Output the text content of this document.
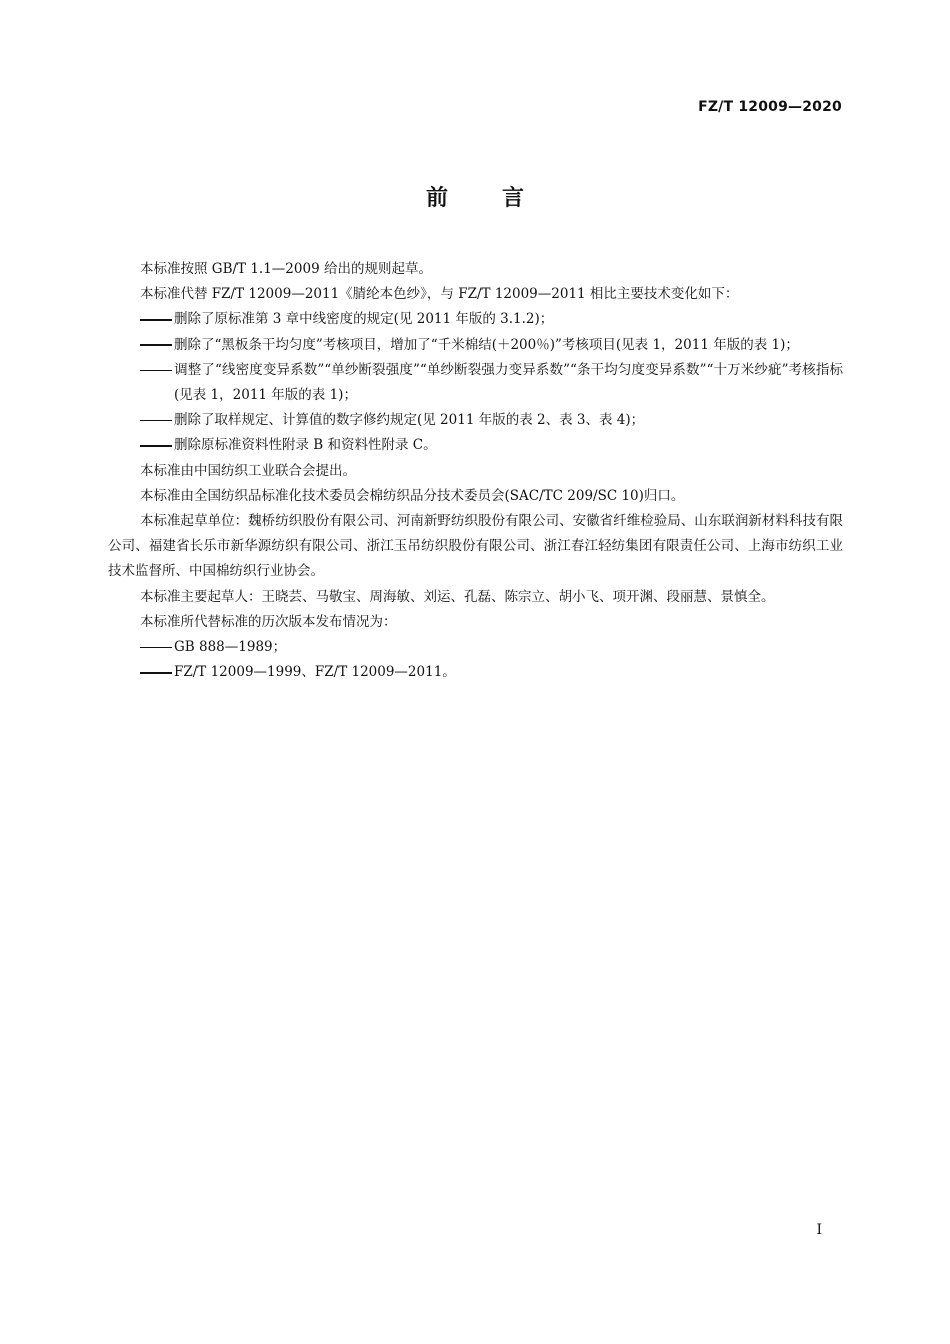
FZ/T 12009—2020
前言

本标准按照 GB/T 1.1—2009 给出的规则起草。

本标准代替 FZ/T 12009—2011《腈纶本色纱》，与 FZ/T 12009—2011 相比主要技术变化如下：

删除了原标准第 3 章中线密度的规定(见 2011 年版的 3.1.2)；

删除了“黑板条干均匀度”考核项目，增加了“千米棉结(＋200％)”考核项目(见表 1，2011 年版的表 1)；

调整了“线密度变异系数”“单纱断裂强度”“单纱断裂强力变异系数”“条干均匀度变异系数”“十万米纱疵”考核指标(见表 1，2011 年版的表 1)；

删除了取样规定、计算值的数字修约规定(见 2011 年版的表 2、表 3、表 4)；

删除原标准资料性附录 B 和资料性附录 C。

本标准由中国纺织工业联合会提出。

本标准由全国纺织品标准化技术委员会棉纺织品分技术委员会(SAC/TC 209/SC 10)归口。

本标准起草单位：魏桥纺织股份有限公司、河南新野纺织股份有限公司、安徽省纤维检验局、山东联润新材料科技有限公司、福建省长乐市新华源纺织有限公司、浙江玉吊纺织股份有限公司、浙江春江轻纺集团有限责任公司、上海市纺织工业技术监督所、中国棉纺织行业协会。

本标准主要起草人：王晓芸、马敬宝、周海敏、刘运、孔磊、陈宗立、胡小飞、项开渊、段丽慧、景慎全。

本标准所代替标准的历次版本发布情况为：

GB 888—1989；

FZ/T 12009—1999、FZ/T 12009—2011。

I
